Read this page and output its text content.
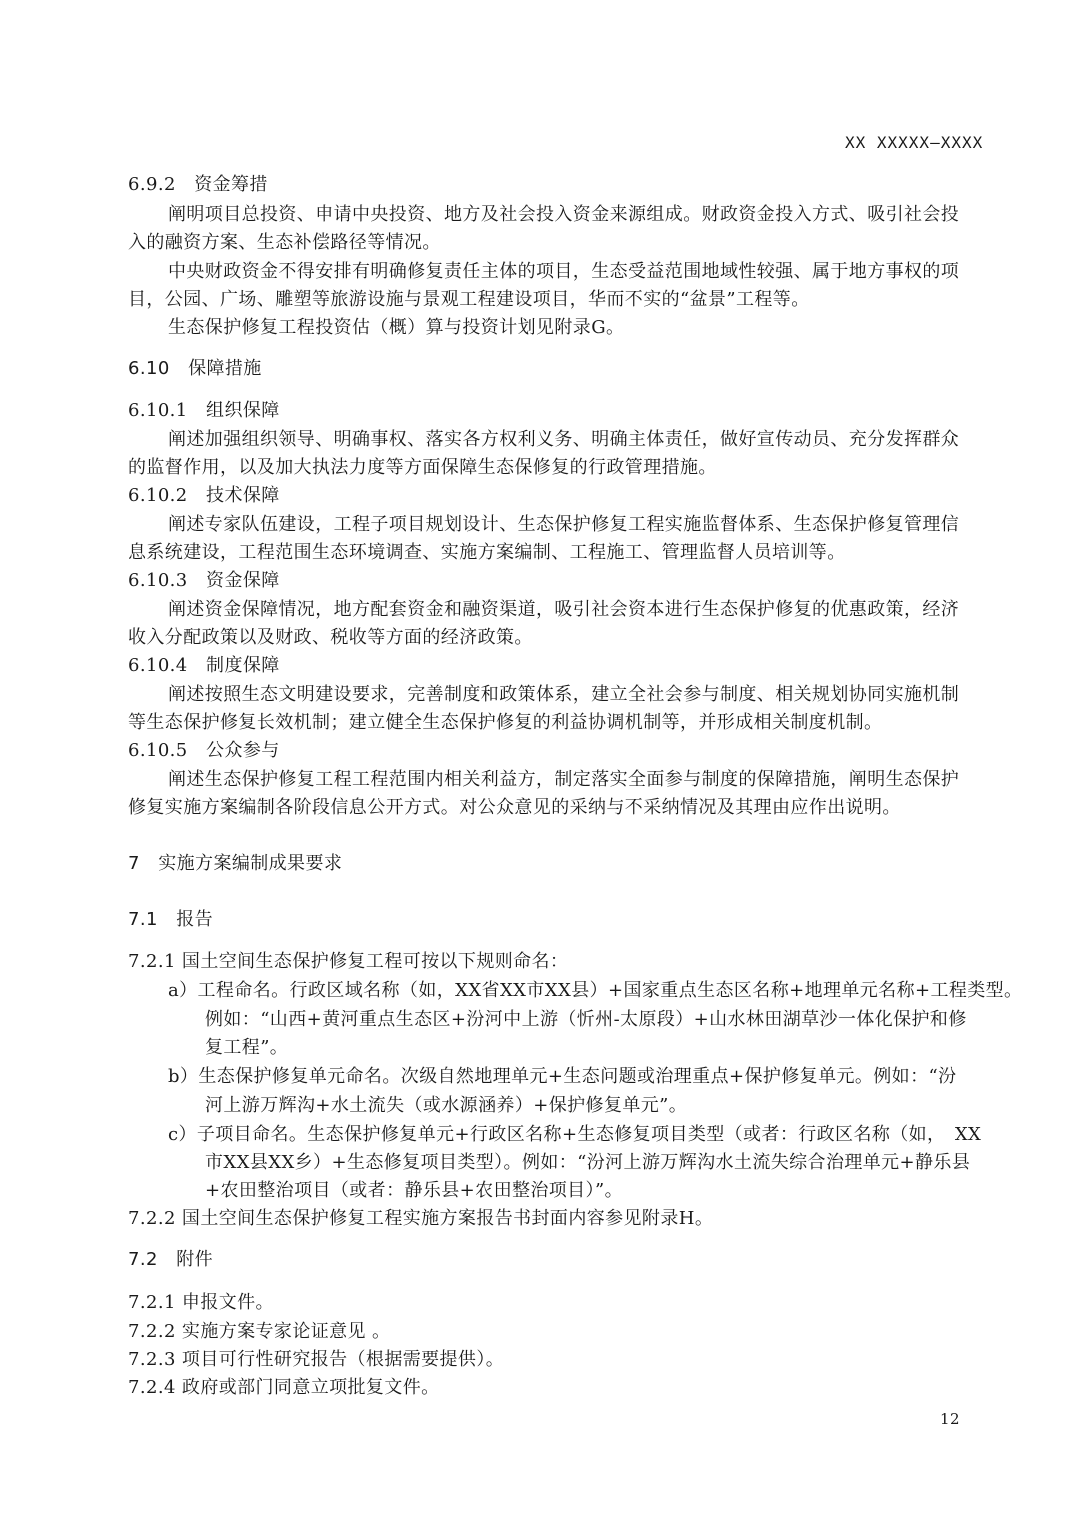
XX XXXXX—XXXX
6.9.2　资金筹措
阐明项目总投资、申请中央投资、地方及社会投入资金来源组成。财政资金投入方式、吸引社会投
入的融资方案、生态补偿路径等情况。
中央财政资金不得安排有明确修复责任主体的项目，生态受益范围地域性较强、属于地方事权的项
目，公园、广场、雕塑等旅游设施与景观工程建设项目，华而不实的“盆景”工程等。
生态保护修复工程投资估（概）算与投资计划见附录G。
6.10　保障措施
6.10.1　组织保障
阐述加强组织领导、明确事权、落实各方权利义务、明确主体责任，做好宣传动员、充分发挥群众
的监督作用，以及加大执法力度等方面保障生态保修复的行政管理措施。
6.10.2　技术保障
阐述专家队伍建设，工程子项目规划设计、生态保护修复工程实施监督体系、生态保护修复管理信
息系统建设，工程范围生态环境调查、实施方案编制、工程施工、管理监督人员培训等。
6.10.3　资金保障
阐述资金保障情况，地方配套资金和融资渠道，吸引社会资本进行生态保护修复的优惠政策，经济
收入分配政策以及财政、税收等方面的经济政策。
6.10.4　制度保障
阐述按照生态文明建设要求，完善制度和政策体系，建立全社会参与制度、相关规划协同实施机制
等生态保护修复长效机制；建立健全生态保护修复的利益协调机制等，并形成相关制度机制。
6.10.5　公众参与
阐述生态保护修复工程工程范围内相关利益方，制定落实全面参与制度的保障措施，阐明生态保护
修复实施方案编制各阶段信息公开方式。对公众意见的采纳与不采纳情况及其理由应作出说明。
7　实施方案编制成果要求
7.1　报告
7.2.1 国土空间生态保护修复工程可按以下规则命名：
a）工程命名。行政区域名称（如，XX省XX市XX县）+国家重点生态区名称+地理单元名称+工程类型。
例如：“山西+黄河重点生态区+汾河中上游（忻州-太原段）+山水林田湖草沙一体化保护和修
复工程”。
b）生态保护修复单元命名。次级自然地理单元+生态问题或治理重点+保护修复单元。例如：“汾
河上游万辉沟+水土流失（或水源涵养）+保护修复单元”。
c）子项目命名。生态保护修复单元+行政区名称+生态修复项目类型（或者：行政区名称（如，　XX
市XX县XX乡）+生态修复项目类型）。例如：“汾河上游万辉沟水土流失综合治理单元+静乐县
+农田整治项目（或者：静乐县+农田整治项目）”。
7.2.2 国土空间生态保护修复工程实施方案报告书封面内容参见附录H。
7.2　附件
7.2.1 申报文件。
7.2.2 实施方案专家论证意见 。
7.2.3 项目可行性研究报告（根据需要提供）。
7.2.4 政府或部门同意立项批复文件。
12
